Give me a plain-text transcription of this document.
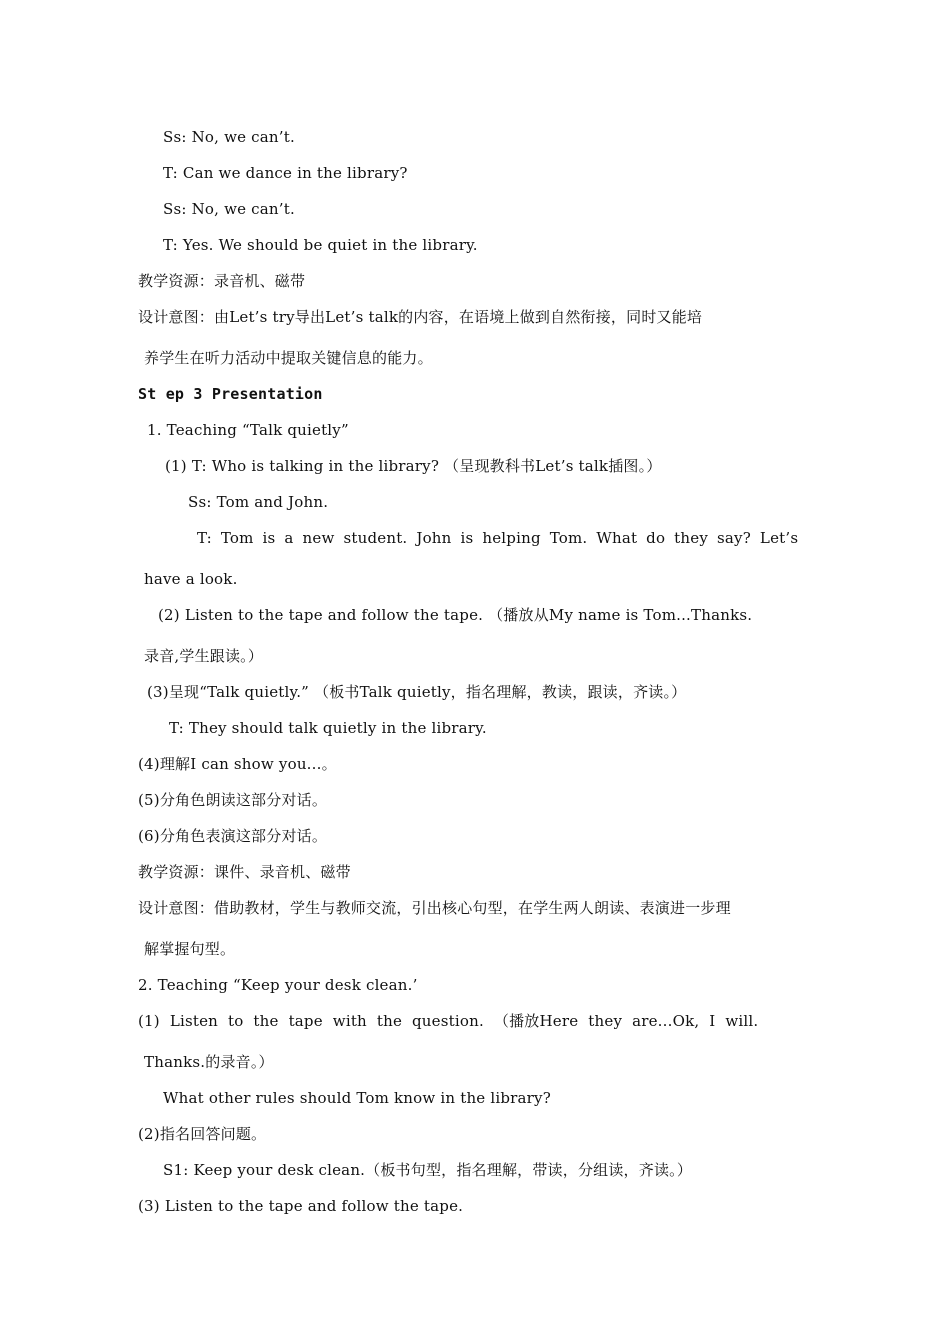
Ss: No, we can’t.
T: Can we dance in the library?
Ss: No, we can’t.
T: Yes. We should be quiet in the library.
教学资源：录音机、磁带
设计意图：由Let’s try导出Let’s talk的内容，在语境上做到自然衔接，同时又能培
养学生在听力活动中提取关键信息的能力。
St ep 3 Presentation
1. Teaching “Talk quietly”
(1) T: Who is talking in the library? （呈现教科书Let’s talk插图。）
Ss: Tom and John.
T: Tom is a new student. John is helping Tom. What do they say? Let’s
have a look.
(2) Listen to the tape and follow the tape. （播放从My name is Tom...Thanks.
录音,学生跟读。）
(3)呈现“Talk quietly.” （板书Talk quietly，指名理解，教读，跟读，齐读。）
T: They should talk quietly in the library.
(4)理解I can show you...。
(5)分角色朗读这部分对话。
(6)分角色表演这部分对话。
教学资源：课件、录音机、磁带
设计意图：借助教材，学生与教师交流，引出核心句型，在学生两人朗读、表演进一步理
解掌握句型。
2. Teaching “Keep your desk clean.’
(1) Listen to the tape with the question. （播放Here they are...Ok, I will.
Thanks.的录音。）
What other rules should Tom know in the library?
(2)指名回答问题。
S1: Keep your desk clean.（板书句型，指名理解，带读，分组读，齐读。）
(3) Listen to the tape and follow the tape.
